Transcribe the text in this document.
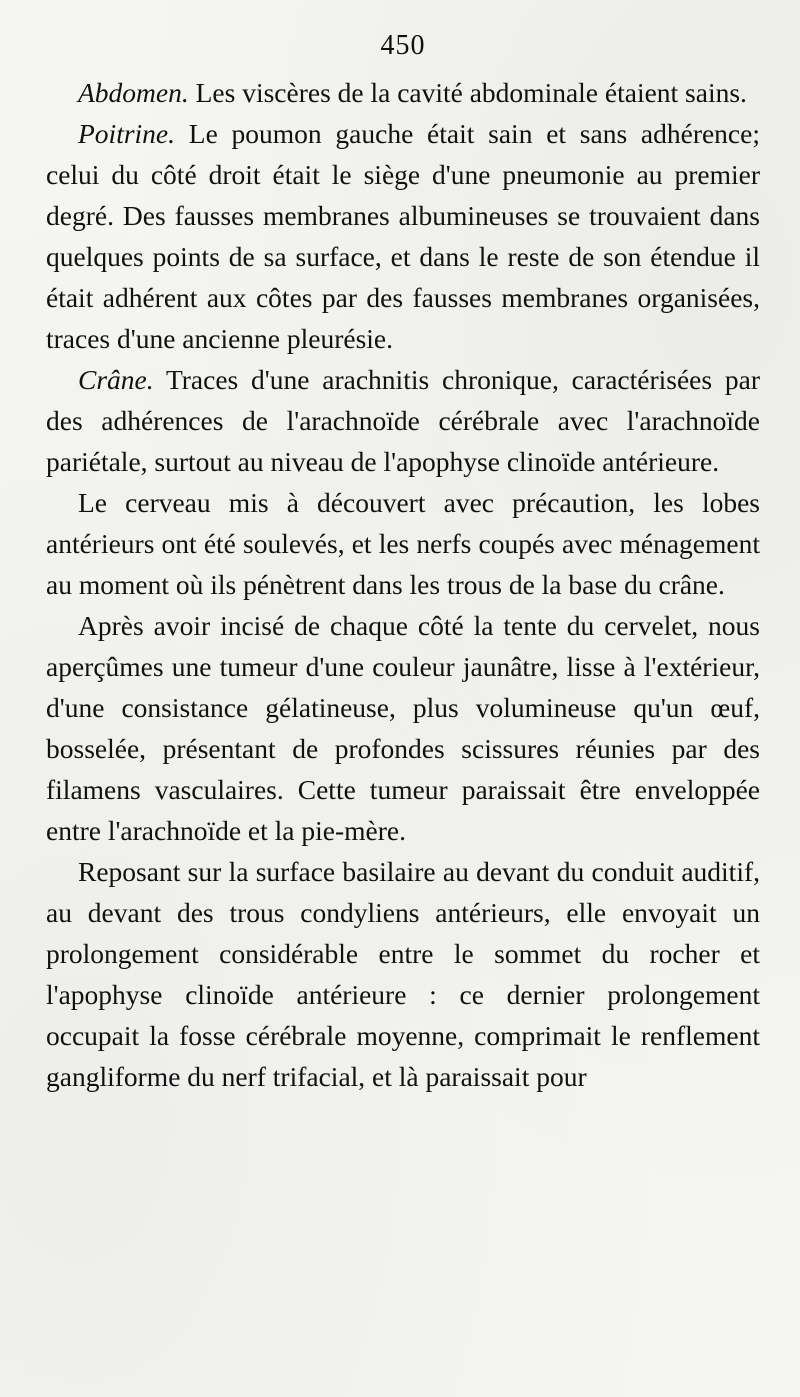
450

Abdomen. Les viscères de la cavité abdominale étaient sains.

Poitrine. Le poumon gauche était sain et sans adhérence; celui du côté droit était le siège d'une pneumonie au premier degré. Des fausses membranes albumineuses se trouvaient dans quelques points de sa surface, et dans le reste de son étendue il était adhérent aux côtes par des fausses membranes organisées, traces d'une ancienne pleurésie.

Crâne. Traces d'une arachnitis chronique, caractérisées par des adhérences de l'arachnoïde cérébrale avec l'arachnoïde pariétale, surtout au niveau de l'apophyse clinoïde antérieure.

Le cerveau mis à découvert avec précaution, les lobes antérieurs ont été soulevés, et les nerfs coupés avec ménagement au moment où ils pénètrent dans les trous de la base du crâne.

Après avoir incisé de chaque côté la tente du cervelet, nous aperçûmes une tumeur d'une couleur jaunâtre, lisse à l'extérieur, d'une consistance gélatineuse, plus volumineuse qu'un œuf, bosselée, présentant de profondes scissures réunies par des filamens vasculaires. Cette tumeur paraissait être enveloppée entre l'arachnoïde et la pie-mère.

Reposant sur la surface basilaire au devant du conduit auditif, au devant des trous condyliens antérieurs, elle envoyait un prolongement considérable entre le sommet du rocher et l'apophyse clinoïde antérieure : ce dernier prolongement occupait la fosse cérébrale moyenne, comprimait le renflement gangliforme du nerf trifacial, et là paraissait pour
